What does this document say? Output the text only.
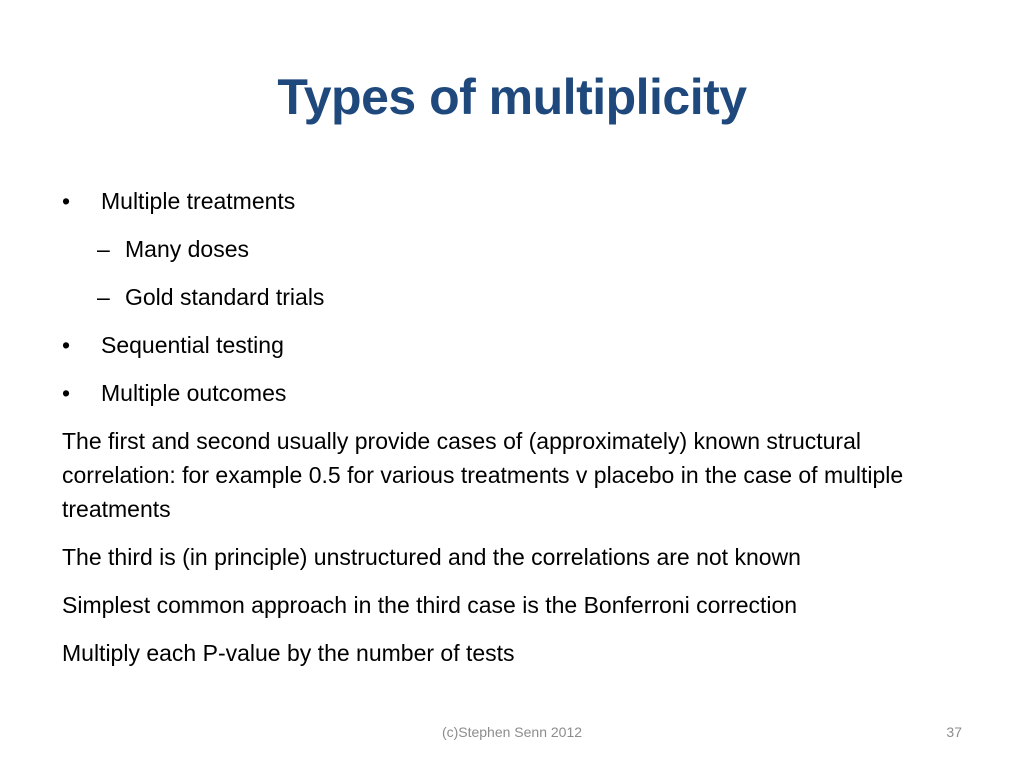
Types of multiplicity
•	Multiple treatments
– Many doses
– Gold standard trials
•	Sequential testing
•	Multiple outcomes
The first and second usually provide cases of (approximately) known structural correlation: for example 0.5 for various treatments v placebo in the case of multiple treatments
The third is (in principle) unstructured and the correlations are not known
Simplest common approach in the third case is the Bonferroni correction
Multiply each P-value by the number of tests
(c)Stephen Senn 2012	37
